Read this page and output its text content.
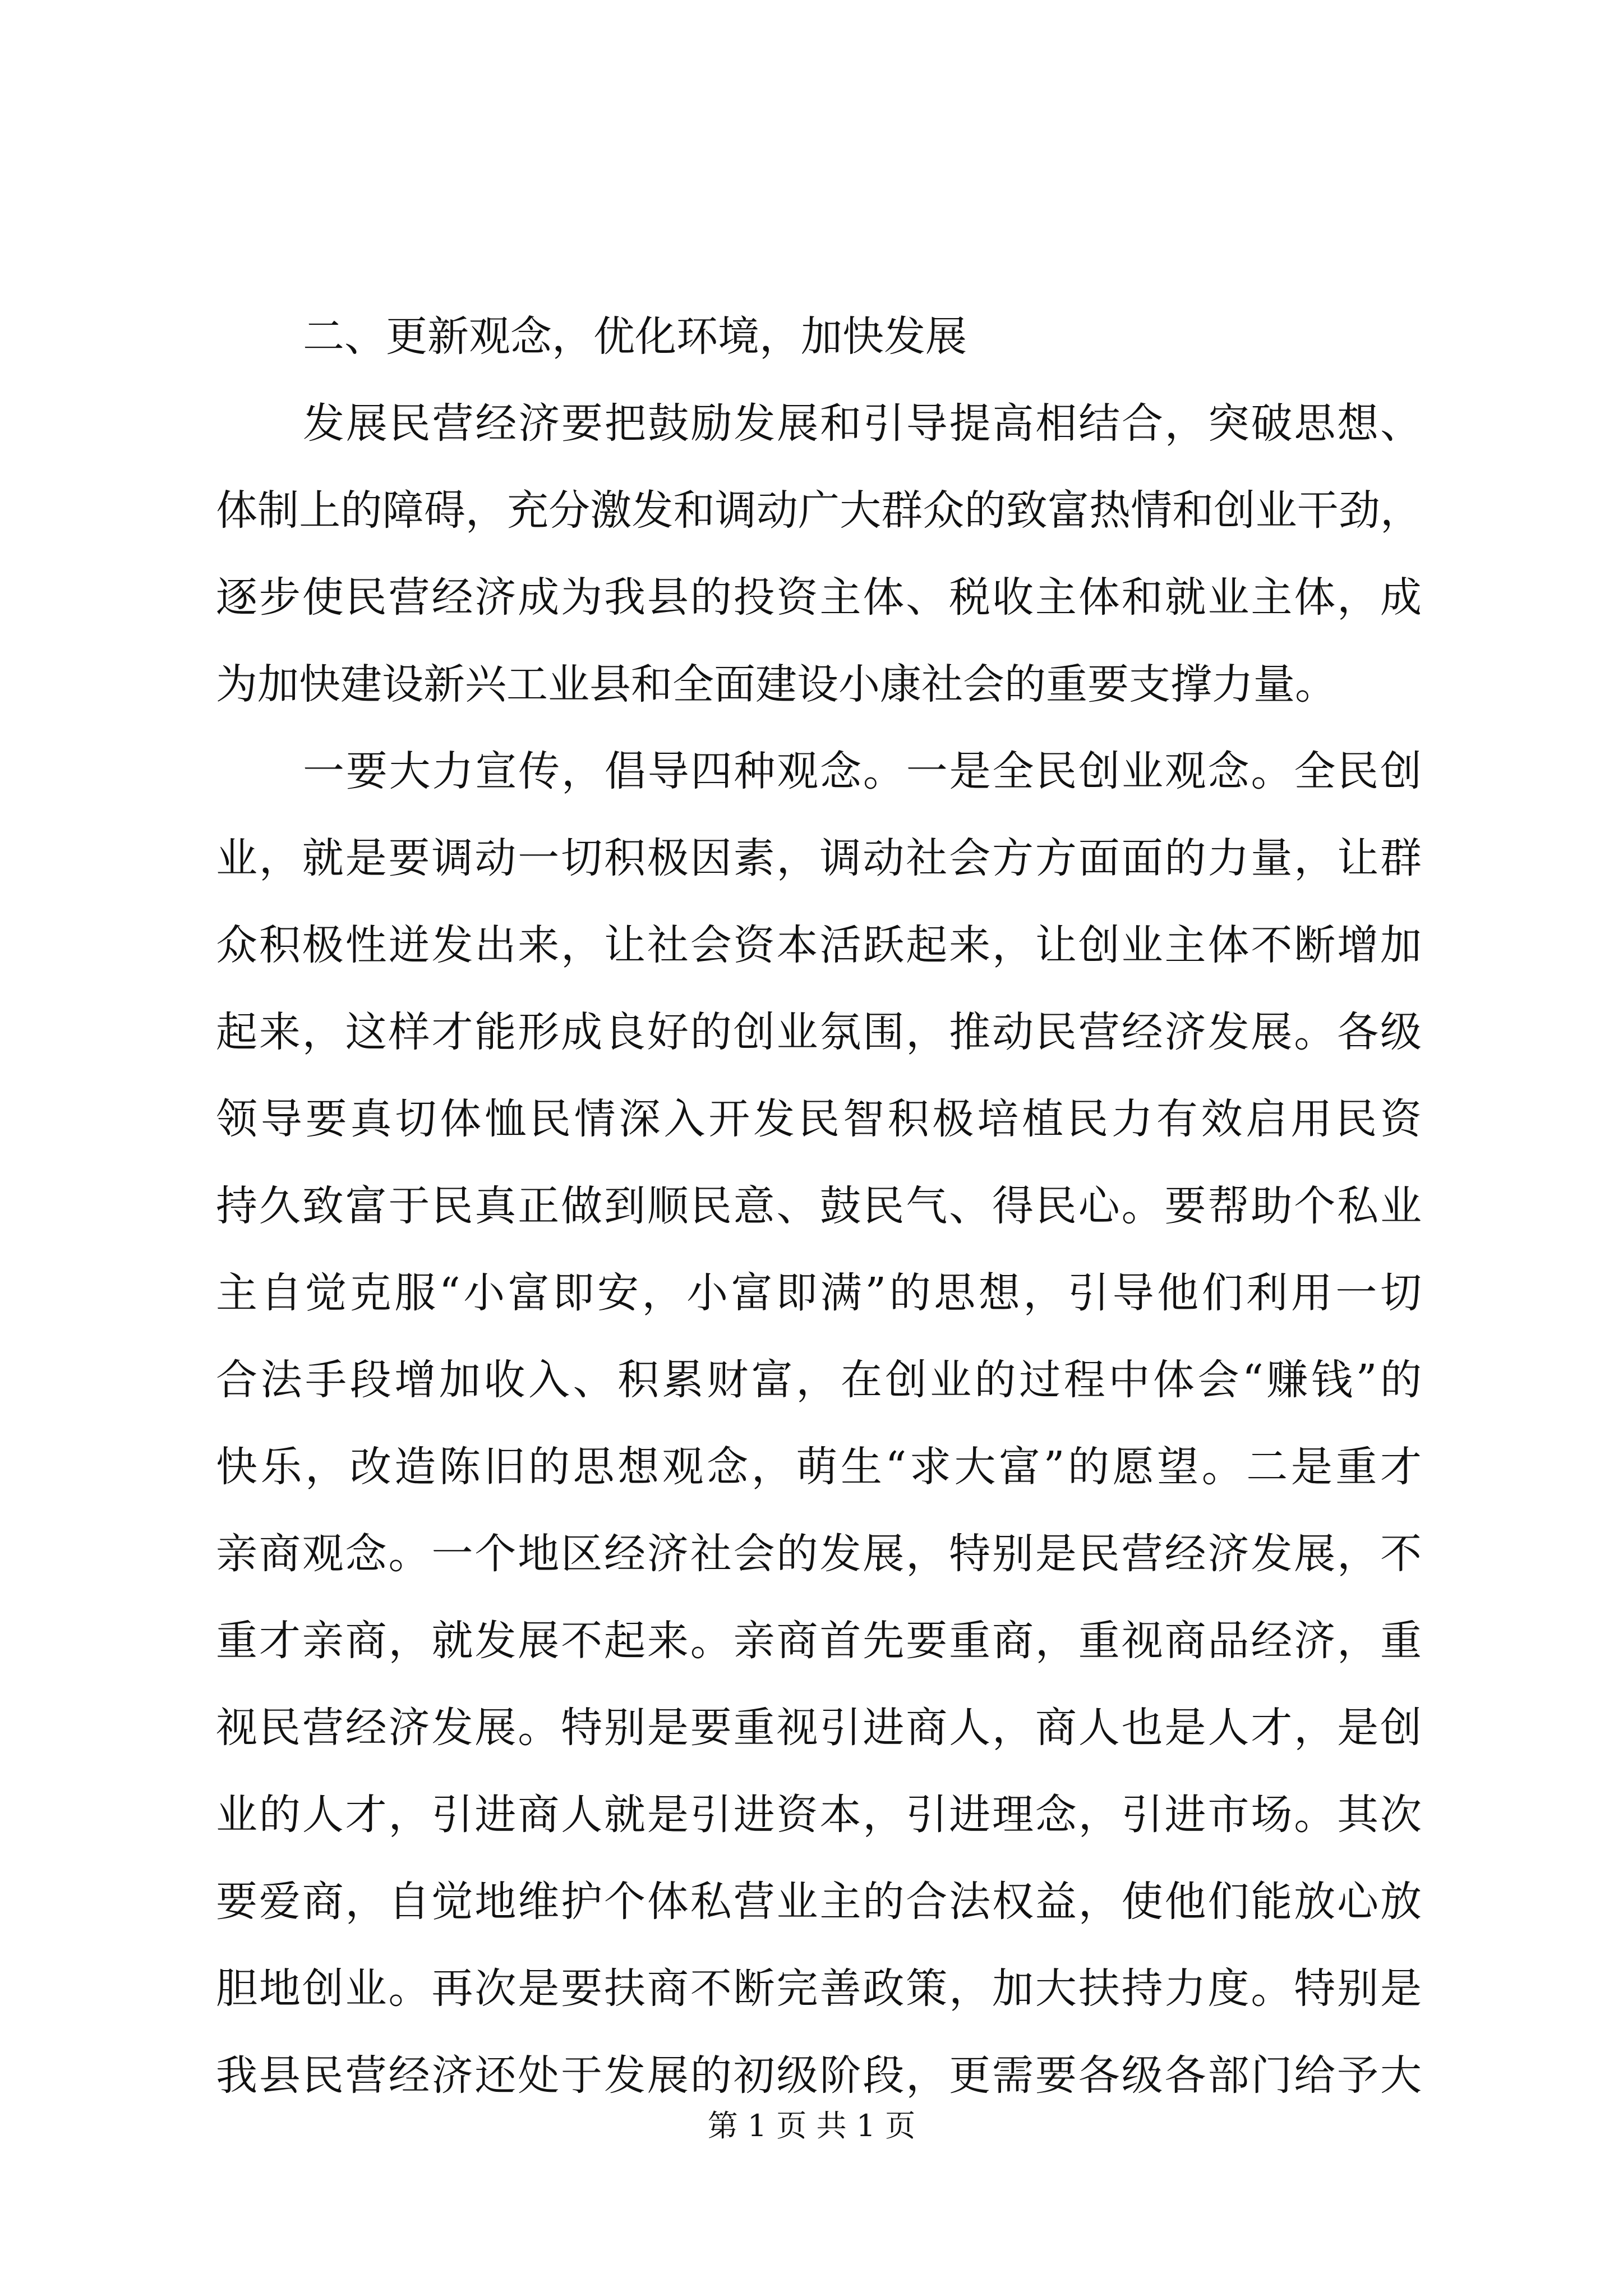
二、更新观念，优化环境，加快发展
发展民营经济要把鼓励发展和引导提高相结合，突破思想、
体制上的障碍，充分激发和调动广大群众的致富热情和创业干劲，
逐步使民营经济成为我县的投资主体、税收主体和就业主体，成
为加快建设新兴工业县和全面建设小康社会的重要支撑力量。
一要大力宣传，倡导四种观念。一是全民创业观念。全民创
业，就是要调动一切积极因素，调动社会方方面面的力量，让群
众积极性迸发出来，让社会资本活跃起来，让创业主体不断增加
起来，这样才能形成良好的创业氛围，推动民营经济发展。各级
领导要真切体恤民情深入开发民智积极培植民力有效启用民资
持久致富于民真正做到顺民意、鼓民气、得民心。要帮助个私业
主自觉克服“小富即安，小富即满”的思想，引导他们利用一切
合法手段增加收入、积累财富，在创业的过程中体会“赚钱”的
快乐，改造陈旧的思想观念，萌生“求大富”的愿望。二是重才
亲商观念。一个地区经济社会的发展，特别是民营经济发展，不
重才亲商，就发展不起来。亲商首先要重商，重视商品经济，重
视民营经济发展。特别是要重视引进商人，商人也是人才，是创
业的人才，引进商人就是引进资本，引进理念，引进市场。其次
要爱商，自觉地维护个体私营业主的合法权益，使他们能放心放
胆地创业。再次是要扶商不断完善政策，加大扶持力度。特别是
我县民营经济还处于发展的初级阶段，更需要各级各部门给予大
第 1 页 共 1 页
